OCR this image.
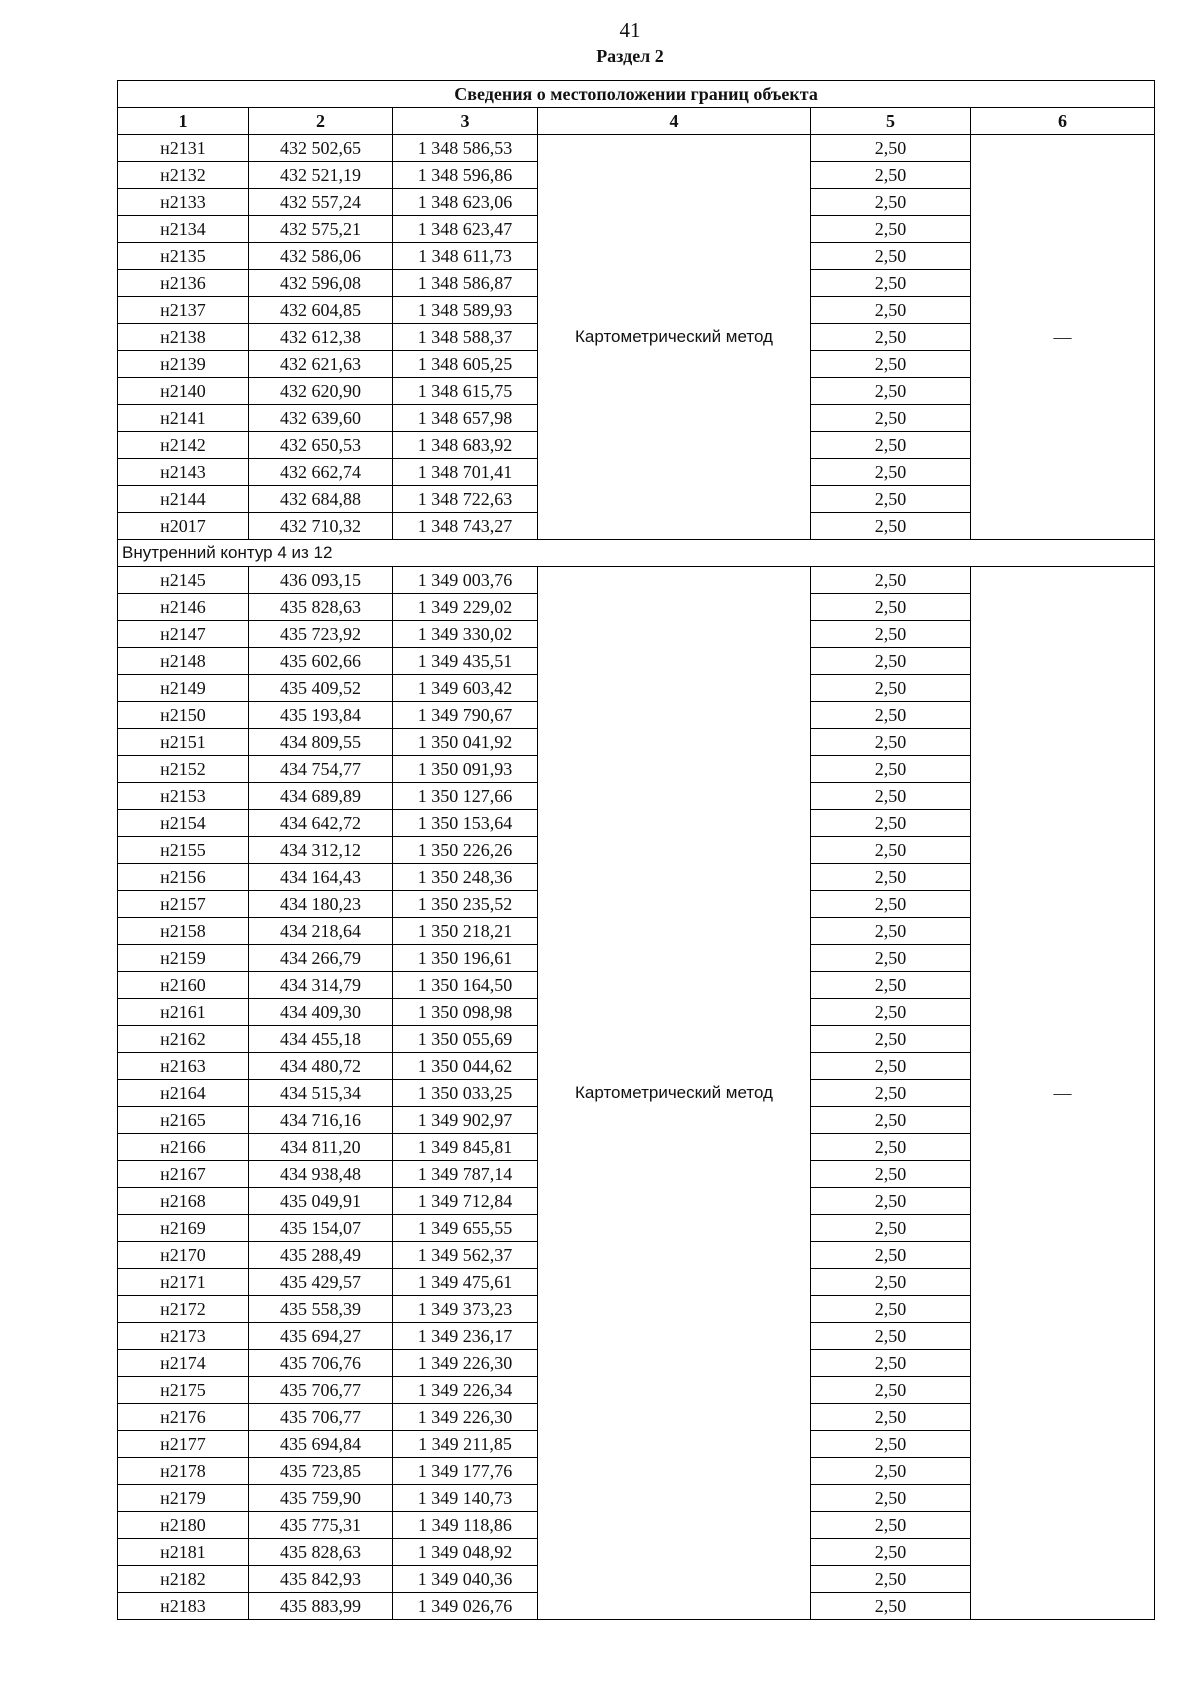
41
Раздел 2
Сведения о местоположении границ объекта					
1	2	3	4	5	6
н2131	432 502,65	1 348 586,53	Картометрический метод	2,50	—
н2132	432 521,19	1 348 596,86		2,50	
н2133	432 557,24	1 348 623,06		2,50	
н2134	432 575,21	1 348 623,47		2,50	
н2135	432 586,06	1 348 611,73		2,50	
н2136	432 596,08	1 348 586,87		2,50	
н2137	432 604,85	1 348 589,93		2,50	
н2138	432 612,38	1 348 588,37		2,50	
н2139	432 621,63	1 348 605,25		2,50	
н2140	432 620,90	1 348 615,75		2,50	
н2141	432 639,60	1 348 657,98		2,50	
н2142	432 650,53	1 348 683,92		2,50	
н2143	432 662,74	1 348 701,41		2,50	
н2144	432 684,88	1 348 722,63		2,50	
н2017	432 710,32	1 348 743,27		2,50	
Внутренний контур 4 из 12					
н2145	436 093,15	1 349 003,76	Картометрический метод	2,50	—
н2146	435 828,63	1 349 229,02		2,50	
н2147	435 723,92	1 349 330,02		2,50	
н2148	435 602,66	1 349 435,51		2,50	
н2149	435 409,52	1 349 603,42		2,50	
н2150	435 193,84	1 349 790,67		2,50	
н2151	434 809,55	1 350 041,92		2,50	
н2152	434 754,77	1 350 091,93		2,50	
н2153	434 689,89	1 350 127,66		2,50	
н2154	434 642,72	1 350 153,64		2,50	
н2155	434 312,12	1 350 226,26		2,50	
н2156	434 164,43	1 350 248,36		2,50	
н2157	434 180,23	1 350 235,52		2,50	
н2158	434 218,64	1 350 218,21		2,50	
н2159	434 266,79	1 350 196,61		2,50	
н2160	434 314,79	1 350 164,50		2,50	
н2161	434 409,30	1 350 098,98		2,50	
н2162	434 455,18	1 350 055,69		2,50	
н2163	434 480,72	1 350 044,62		2,50	
н2164	434 515,34	1 350 033,25		2,50	
н2165	434 716,16	1 349 902,97		2,50	
н2166	434 811,20	1 349 845,81		2,50	
н2167	434 938,48	1 349 787,14		2,50	
н2168	435 049,91	1 349 712,84		2,50	
н2169	435 154,07	1 349 655,55		2,50	
н2170	435 288,49	1 349 562,37		2,50	
н2171	435 429,57	1 349 475,61		2,50	
н2172	435 558,39	1 349 373,23		2,50	
н2173	435 694,27	1 349 236,17		2,50	
н2174	435 706,76	1 349 226,30		2,50	
н2175	435 706,77	1 349 226,34		2,50	
н2176	435 706,77	1 349 226,30		2,50	
н2177	435 694,84	1 349 211,85		2,50	
н2178	435 723,85	1 349 177,76		2,50	
н2179	435 759,90	1 349 140,73		2,50	
н2180	435 775,31	1 349 118,86		2,50	
н2181	435 828,63	1 349 048,92		2,50	
н2182	435 842,93	1 349 040,36		2,50	
н2183	435 883,99	1 349 026,76		2,50	
